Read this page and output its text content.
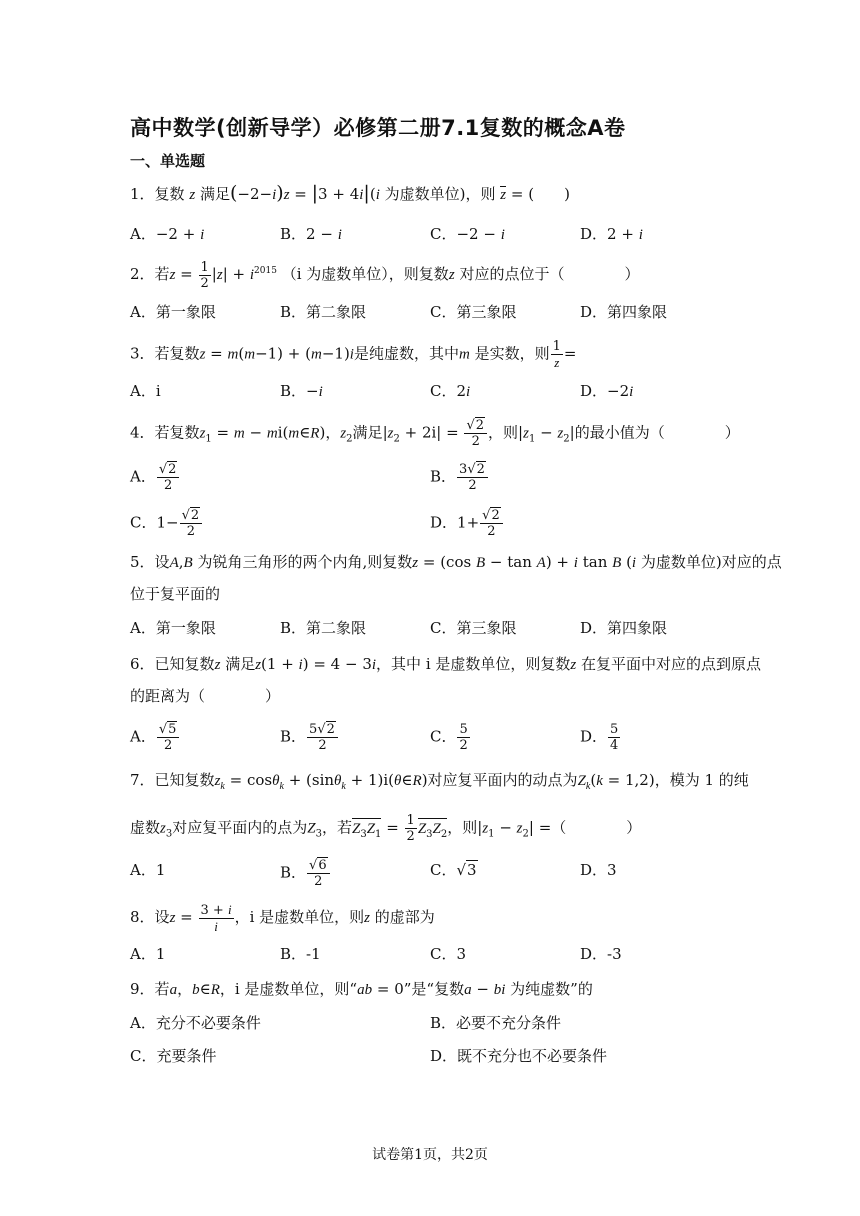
高中数学(创新导学）必修第二册7.1复数的概念A卷
一、单选题
1．复数 z 满足(−2−i)z = |3 + 4i|(i 为虚数单位)，则 z = (　　 )
A．−2 + i	B．2 − i	C．−2 − i	D．2 + i
2．若$z = \frac{1}{2} |z| + i^{2015}$ （i 为虚数单位），则复数z 对应的点位于（　　　　	）
A．第一象限	B．第二象限	C．第三象限	D．第四象限
3．若复数z = m(m−1) + (m−1)i是纯虚数，其中m 是实数，则 $\frac{1}{z}$ =
A．i	B．−i	C．2i	D．−2i
4．若复数$z_1 = m$ − mi(m∈R)，$z_2$满足$|z_2 + 2i| = \frac{√2}{2}$ ，则$|z_1 - z_2|$的最小值为（　　　　	）
A． $\frac{√2}{2}$	B． $\frac{3√2}{2}$
C．$1- \frac{√2}{2}$	D．$1+ \frac{√2}{2}$
5．设A,B 为锐角三角形的两个内角,则复数z = (cos B − tan A) + i tan B (i 为虚数单位)对应的点
位于复平面的
A．第一象限	B．第二象限	C．第三象限	D．第四象限
6．已知复数z 满足z(1 + i) = 4 − 3i，其中 i 是虚数单位，则复数z 在复平面中对应的点到原点
的距离为（　　　　	）
A． $\frac{√5}{2}$	B． $\frac{5√2}{2}$	C． $\frac{5}{2}$	D． $\frac{5}{4}$
7．已知复数$z_k = \cos\theta_k + (\sin\theta_k$ + 1)i(θ∈R)对应复平面内的动点为$Z_k(k = 1,2)$，模为 1 的纯
虚数$z_3$对应复平面内的点为$Z_3$，若$Z_3Z_1 = \frac{1}{2} Z_3Z_2$，则$|z_1 - z_2|$ =（　　　　）
A．1	B． $\frac{√6}{2}$	C．√3	D．3
8．设$z = \frac{3 + i}{i}$ ，i 是虚数单位，则z 的虚部为
A．1	B．-1	C．3	D．-3
9．若a，b∈R，i 是虚数单位，则“ab = 0”是“复数a − bi 为纯虚数”的
A．充分不必要条件	B．必要不充分条件
C．充要条件	D．既不充分也不必要条件
试卷第1页，共2页
